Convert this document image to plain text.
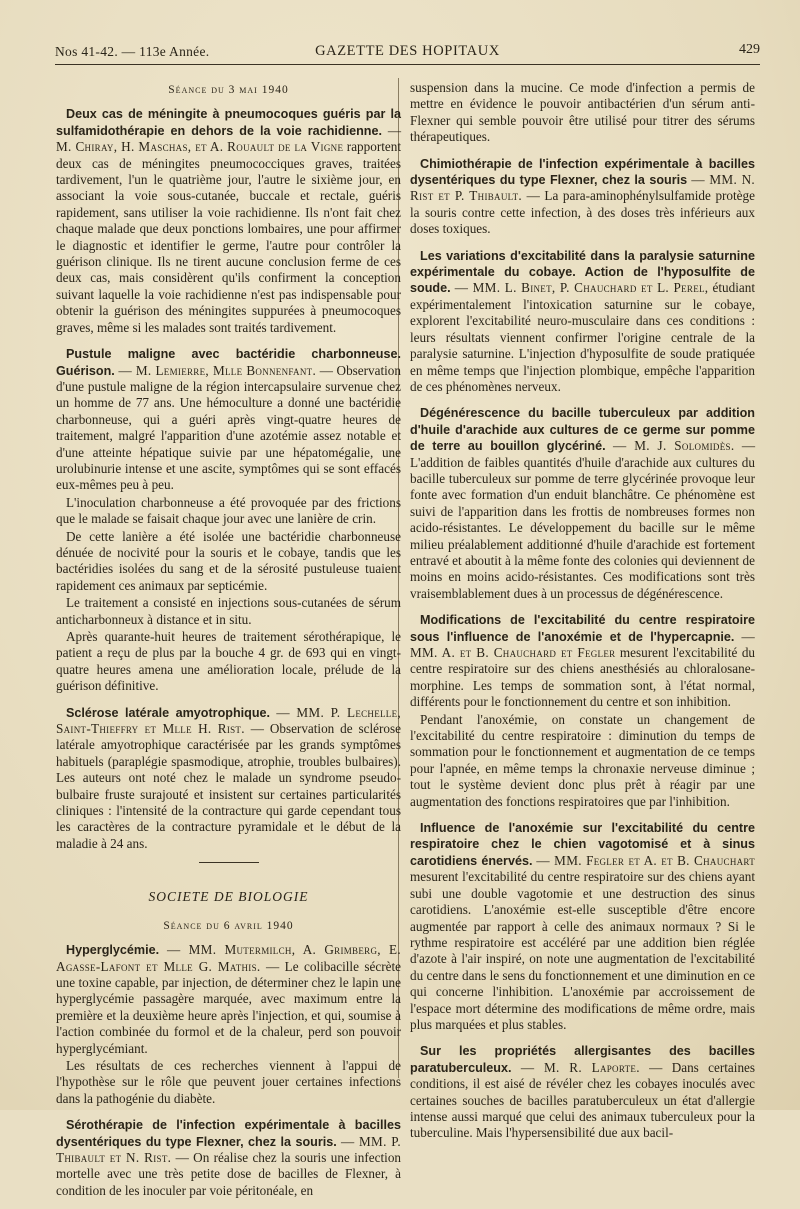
Nos 41-42. — 113e Année.	GAZETTE DES HOPITAUX	429
Séance du 3 mai 1940

Deux cas de méningite à pneumocoques guéris par la sulfamidothérapie en dehors de la voie rachidienne. — M. Chiray, H. Maschas, et A. Rouault de la Vigne rapportent deux cas de méningites pneumococciques graves, traitées tardivement, l'un le quatrième jour, l'autre le sixième jour, en associant la voie sous-cutanée, buccale et rectale, guéris rapidement, sans utiliser la voie rachidienne. Ils n'ont fait chez chaque malade que deux ponctions lombaires, une pour affirmer le diagnostic et identifier le germe, l'autre pour contrôler la guérison clinique. Ils ne tirent aucune conclusion ferme de ces deux cas, mais considèrent qu'ils confirment la conception suivant laquelle la voie rachidienne n'est pas indispensable pour obtenir la guérison des méningites suppurées à pneumocoques graves, même si les malades sont traités tardivement.

Pustule maligne avec bactéridie charbonneuse. Guérison. — M. Lemierre, Mlle Bonnenfant. — Observation d'une pustule maligne de la région intercapsulaire survenue chez un homme de 77 ans. Une hémoculture a donné une bactéridie charbonneuse, qui a guéri après vingt-quatre heures de traitement, malgré l'apparition d'une azotémie assez notable et d'une atteinte hépatique suivie par une hépatomégalie, une urolubinurie intense et une ascite, symptômes qui se sont effacés eux-mêmes peu à peu.

L'inoculation charbonneuse a été provoquée par des frictions que le malade se faisait chaque jour avec une lanière de crin.

De cette lanière a été isolée une bactéridie charbonneuse dénuée de nocivité pour la souris et le cobaye, tandis que les bactéridies isolées du sang et de la sérosité pustuleuse tuaient rapidement ces animaux par septicémie.

Le traitement a consisté en injections sous-cutanées de sérum anticharbonneux à distance et in situ.

Après quarante-huit heures de traitement sérothérapique, le patient a reçu de plus par la bouche 4 gr. de 693 qui en vingt-quatre heures amena une amélioration locale, prélude de la guérison définitive.

Sclérose latérale amyotrophique. — MM. P. Lechelle, Saint-Thieffry et Mlle H. Rist. — Observation de sclérose latérale amyotrophique caractérisée par les grands symptômes habituels (paraplégie spasmodique, atrophie, troubles bulbaires). Les auteurs ont noté chez le malade un syndrome pseudo-bulbaire fruste surajouté et insistent sur certaines particularités cliniques : l'intensité de la contracture qui garde cependant tous les caractères de la contracture pyramidale et le début de la maladie à 24 ans.

SOCIETE DE BIOLOGIE
Séance du 6 avril 1940

Hyperglycémie. — MM. Mutermilch, A. Grimberg, E. Agasse-Lafont et Mlle G. Mathis. — Le colibacille sécrète une toxine capable, par injection, de déterminer chez le lapin une hyperglycémie passagère marquée, avec maximum entre la première et la deuxième heure après l'injection, et qui, soumise à l'action combinée du formol et de la chaleur, perd son pouvoir hyperglycémiant.

Les résultats de ces recherches viennent à l'appui de l'hypothèse sur le rôle que peuvent jouer certaines infections dans la pathogénie du diabète.

Sérothérapie de l'infection expérimentale à bacilles dysentériques du type Flexner, chez la souris. — MM. P. Thibault et N. Rist. — On réalise chez la souris une infection mortelle avec une très petite dose de bacilles de Flexner, à condition de les inoculer par voie péritonéale, en

suspension dans la mucine. Ce mode d'infection a permis de mettre en évidence le pouvoir antibactérien d'un sérum anti-Flexner qui semble pouvoir être utilisé pour titrer des sérums thérapeutiques.

Chimiothérapie de l'infection expérimentale à bacilles dysentériques du type Flexner, chez la souris — MM. N. Rist et P. Thibault. — La para-aminophénylsulfamide protège la souris contre cette infection, à des doses très inférieurs aux doses toxiques.

Les variations d'excitabilité dans la paralysie saturnine expérimentale du cobaye. Action de l'hyposulfite de soude. — MM. L. Binet, P. Chauchard et L. Perel, étudiant expérimentalement l'intoxication saturnine sur le cobaye, explorent l'excitabilité neuro-musculaire dans ces conditions : leurs résultats viennent confirmer l'origine centrale de la paralysie saturnine. L'injection d'hyposulfite de soude pratiquée en même temps que l'injection plombique, empêche l'apparition de ces phénomènes nerveux.

Dégénérescence du bacille tuberculeux par addition d'huile d'arachide aux cultures de ce germe sur pomme de terre au bouillon glycériné. — M. J. Solomidès. — L'addition de faibles quantités d'huile d'arachide aux cultures du bacille tuberculeux sur pomme de terre glycérinée provoque leur fonte avec formation d'un enduit blanchâtre. Ce phénomène est suivi de l'apparition dans les frottis de nombreuses formes non acido-résistantes. Le développement du bacille sur le même milieu préalablement additionné d'huile d'arachide est fortement entravé et aboutit à la même fonte des colonies qui deviennent de moins en moins acido-résistantes. Ces modifications sont très vraisemblablement dues à un processus de dégénérescence.

Modifications de l'excitabilité du centre respiratoire sous l'influence de l'anoxémie et de l'hypercapnie. — MM. A. et B. Chauchard et Fegler mesurent l'excitabilité du centre respiratoire sur des chiens anesthésiés au chloralosane-morphine. Les temps de sommation sont, à l'état normal, différents pour le fonctionnement du centre et son inhibition.

Pendant l'anoxémie, on constate un changement de l'excitabilité du centre respiratoire : diminution du temps de sommation pour le fonctionnement et augmentation de ce temps pour l'apnée, en même temps la chronaxie nerveuse diminue ; tout le système devient donc plus prêt à réagir par une augmentation des fonctions respiratoires que par l'inhibition.

Influence de l'anoxémie sur l'excitabilité du centre respiratoire chez le chien vagotomisé et à sinus carotidiens énervés. — MM. Fegler et A. et B. Chauchart mesurent l'excitabilité du centre respiratoire sur des chiens ayant subi une double vagotomie et une destruction des sinus carotidiens. L'anoxémie est-elle susceptible d'être encore augmentée par rapport à celle des animaux normaux ? Si le rythme respiratoire est accéléré par une addition bien réglée d'azote à l'air inspiré, on note une augmentation de l'excitabilité du centre dans le sens du fonctionnement et une diminution en ce qui concerne l'inhibition. L'anoxémie par accroissement de l'espace mort détermine des modifications de même ordre, mais plus marquées et plus stables.

Sur les propriétés allergisantes des bacilles paratuberculeux. — M. R. Laporte. — Dans certaines conditions, il est aisé de révéler chez les cobayes inoculés avec certaines souches de bacilles paratuberculeux un état d'allergie intense aussi marqué que celui des animaux tuberculeux pour la tuberculine. Mais l'hypersensibilité due aux bacil-
